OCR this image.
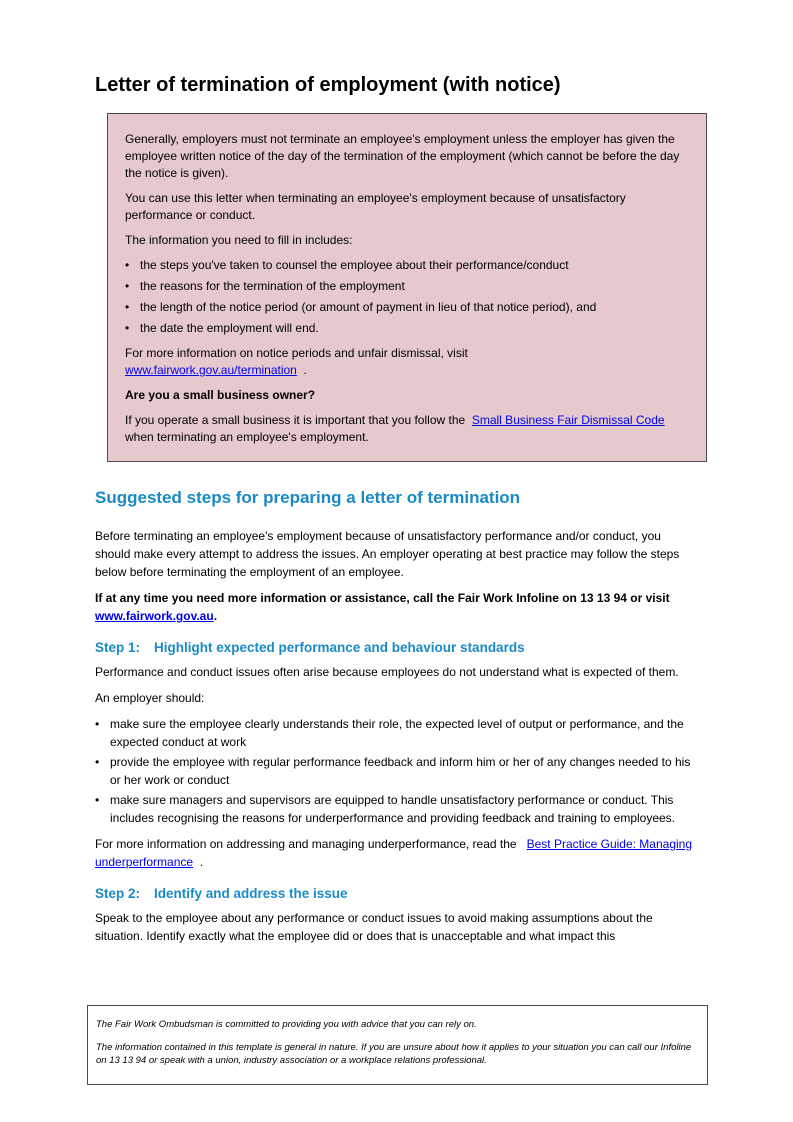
Letter of termination of employment (with notice)

Generally, employers must not terminate an employee's employment unless the employer has given the employee written notice of the day of the termination of the employment (which cannot be before the day the notice is given).

You can use this letter when terminating an employee's employment because of unsatisfactory performance or conduct.

The information you need to fill in includes:

• the steps you've taken to counsel the employee about their performance/conduct
• the reasons for the termination of the employment
• the length of the notice period (or amount of payment in lieu of that notice period), and
• the date the employment will end.

For more information on notice periods and unfair dismissal, visit
www.fairwork.gov.au/termination .

Are you a small business owner?

If you operate a small business it is important that you follow the Small Business Fair Dismissal Code when terminating an employee's employment.

Suggested steps for preparing a letter of termination

Before terminating an employee's employment because of unsatisfactory performance and/or conduct, you should make every attempt to address the issues. An employer operating at best practice may follow the steps below before terminating the employment of an employee.

If at any time you need more information or assistance, call the Fair Work Infoline on 13 13 94 or visit www.fairwork.gov.au.

Step 1: Highlight expected performance and behaviour standards

Performance and conduct issues often arise because employees do not understand what is expected of them.

An employer should:

• make sure the employee clearly understands their role, the expected level of output or performance, and the expected conduct at work
• provide the employee with regular performance feedback and inform him or her of any changes needed to his or her work or conduct
• make sure managers and supervisors are equipped to handle unsatisfactory performance or conduct. This includes recognising the reasons for underperformance and providing feedback and training to employees.

For more information on addressing and managing underperformance, read the Best Practice Guide: Managing underperformance .

Step 2: Identify and address the issue

Speak to the employee about any performance or conduct issues to avoid making assumptions about the situation. Identify exactly what the employee did or does that is unacceptable and what impact this

The Fair Work Ombudsman is committed to providing you with advice that you can rely on.

The information contained in this template is general in nature. If you are unsure about how it applies to your situation you can call our Infoline on 13 13 94 or speak with a union, industry association or a workplace relations professional.
